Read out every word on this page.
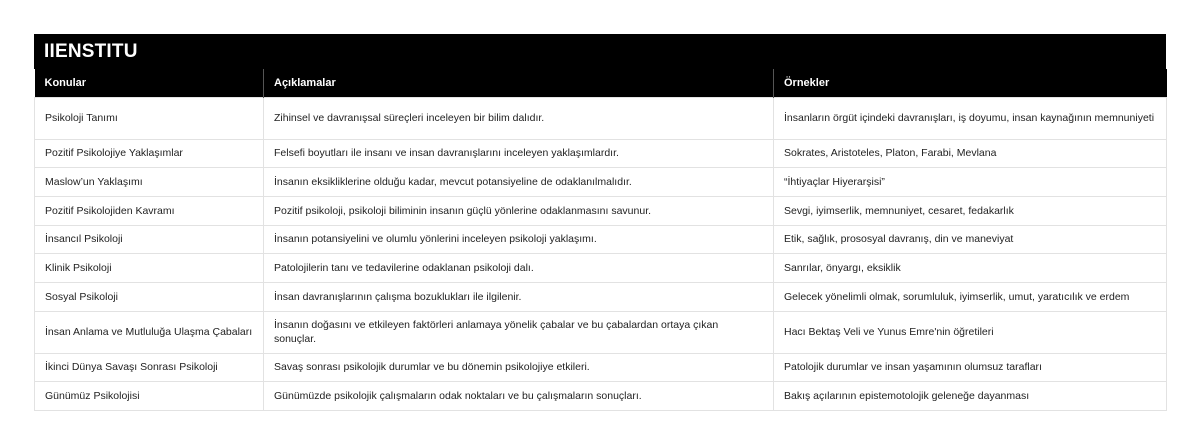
IIENSTITU
Konular	Açıklamalar	Örnekler
Psikoloji Tanımı	Zihinsel ve davranışsal süreçleri inceleyen bir bilim dalıdır.	İnsanların örgüt içindeki davranışları, iş doyumu, insan kaynağının memnuniyeti
Pozitif Psikolojiye Yaklaşımlar	Felsefi boyutları ile insanı ve insan davranışlarını inceleyen yaklaşımlardır.	Sokrates, Aristoteles, Platon, Farabi, Mevlana
Maslow’un Yaklaşımı	İnsanın eksikliklerine olduğu kadar, mevcut potansiyeline de odaklanılmalıdır.	“İhtiyaçlar Hiyerarşisi”
Pozitif Psikolojiden Kavramı	Pozitif psikoloji, psikoloji biliminin insanın güçlü yönlerine odaklanmasını savunur.	Sevgi, iyimserlik, memnuniyet, cesaret, fedakarlık
İnsancıl Psikoloji	İnsanın potansiyelini ve olumlu yönlerini inceleyen psikoloji yaklaşımı.	Etik, sağlık, prososyal davranış, din ve maneviyat
Klinik Psikoloji	Patolojilerin tanı ve tedavilerine odaklanan psikoloji dalı.	Sanrılar, önyargı, eksiklik
Sosyal Psikoloji	İnsan davranışlarının çalışma bozuklukları ile ilgilenir.	Gelecek yönelimli olmak, sorumluluk, iyimserlik, umut, yaratıcılık ve erdem
İnsan Anlama ve Mutluluğa Ulaşma Çabaları	İnsanın doğasını ve etkileyen faktörleri anlamaya yönelik çabalar ve bu çabalardan ortaya çıkan sonuçlar.	Hacı Bektaş Veli ve Yunus Emre'nin öğretileri
İkinci Dünya Savaşı Sonrası Psikoloji	Savaş sonrası psikolojik durumlar ve bu dönemin psikolojiye etkileri.	Patolojik durumlar ve insan yaşamının olumsuz tarafları
Günümüz Psikolojisi	Günümüzde psikolojik çalışmaların odak noktaları ve bu çalışmaların sonuçları.	Bakış açılarının epistemotolojik geleneğe dayanması
